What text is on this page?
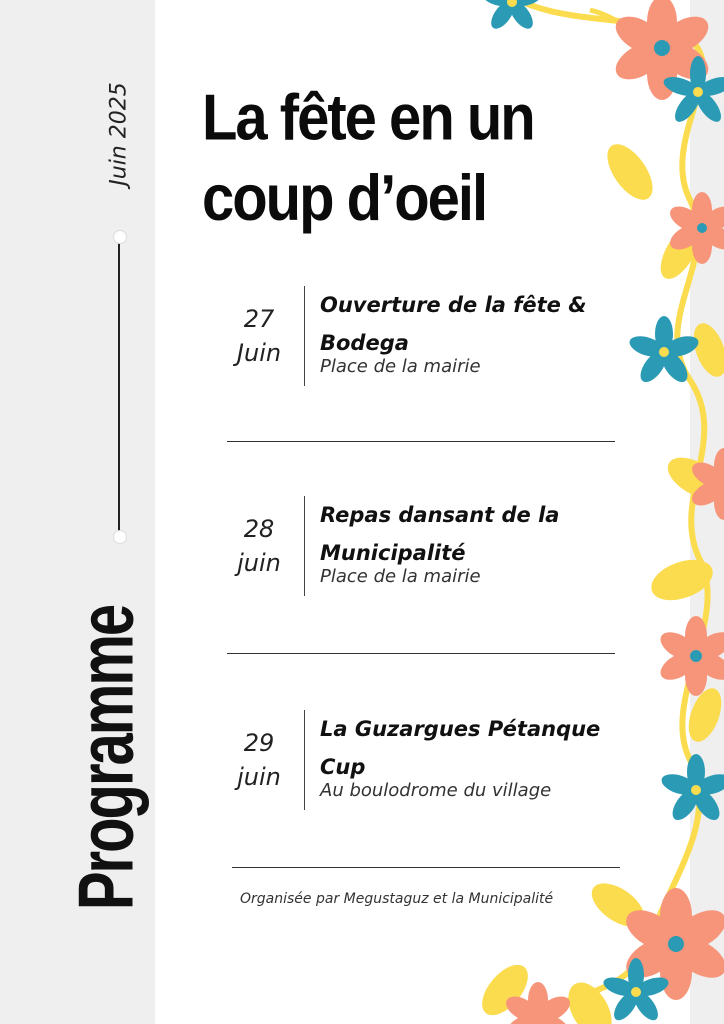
Juin 2025
Programme
La fête en un coup d’oeil
27
Juin
Ouverture de la fête & Bodega
Place de la mairie
28
juin
Repas dansant de la Municipalité
Place de la mairie
29
juin
La Guzargues Pétanque Cup
Au boulodrome du village
Organisée par Megustaguz et la Municipalité
